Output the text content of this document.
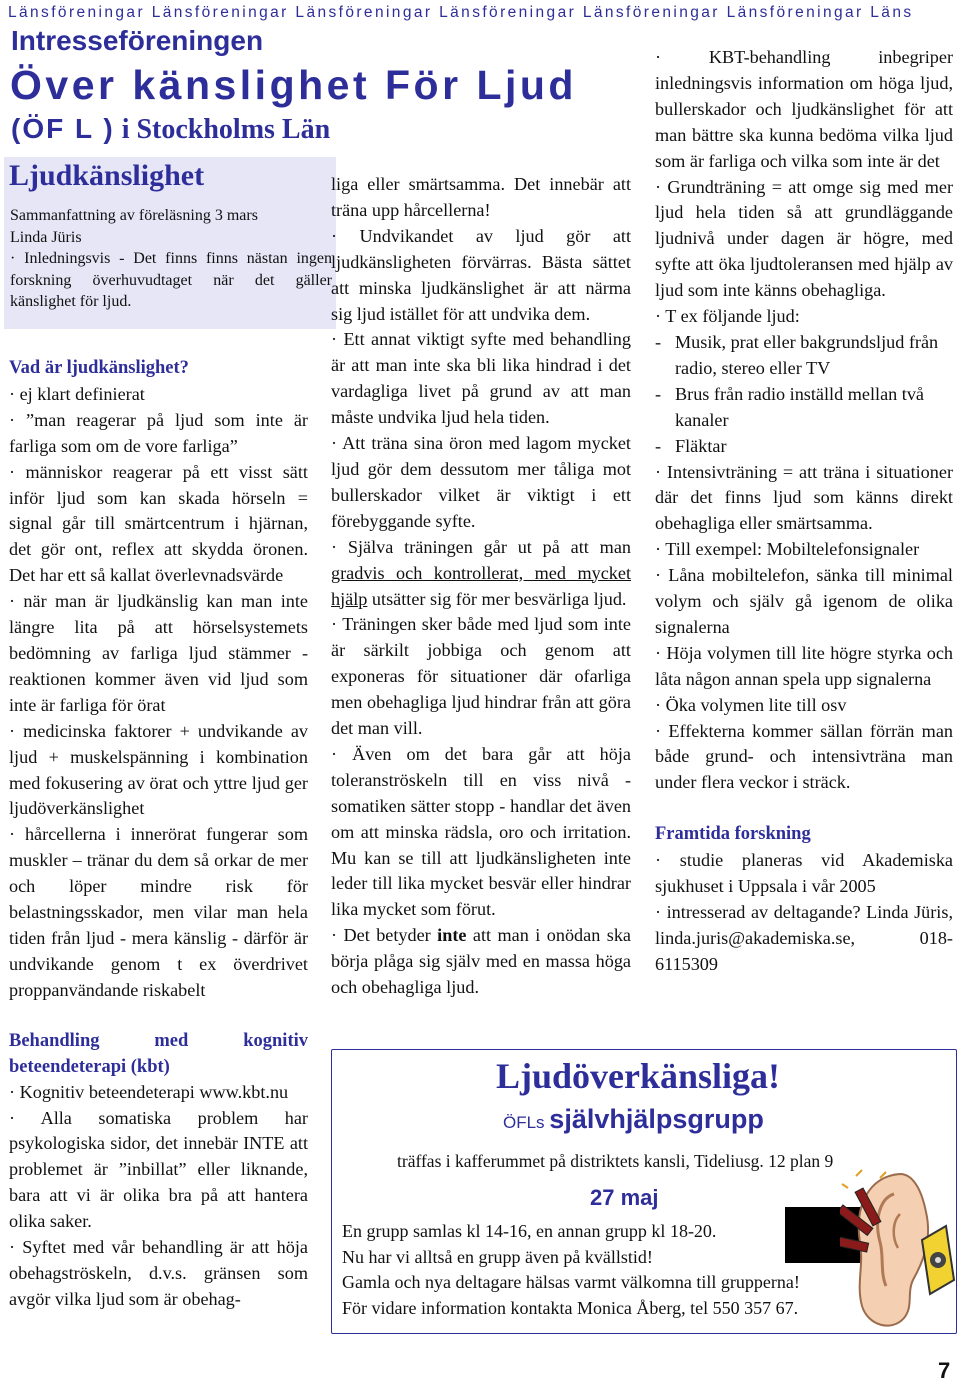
Länsföreningar Länsföreningar Länsföreningar Länsföreningar Länsföreningar Länsföreningar Läns
Intresseföreningen
Över känslighet För Ljud
(ÖF L ) i Stockholms Län
Ljudkänslighet
Sammanfattning av föreläsning 3 mars
Linda Jüris
· Inledningsvis - Det finns finns nästan ingen forskning överhuvudtaget när det gäller känslighet för ljud.

Vad är ljudkänslighet?

· ej klart definierat

· ”man reagerar på ljud som inte är farliga som om de vore farliga”

· människor reagerar på ett visst sätt inför ljud som kan skada hörseln = signal går till smärtcentrum i hjärnan, det gör ont, reflex att skydda öronen. Det har ett så kallat överlevnadsvärde

· när man är ljudkänslig kan man inte längre lita på att hörselsystemets bedömning av farliga ljud stämmer - reaktionen kommer även vid ljud som inte är farliga för örat

· medicinska faktorer + undvikande av ljud + muskelspänning i kombination med fokusering av örat och yttre ljud ger ljudöverkänslighet

· hårcellerna i innerörat fungerar som muskler – tränar du dem så orkar de mer och löper mindre risk för belastningsskador, men vilar man hela tiden från ljud - mera känslig - därför är undvikande genom t ex överdrivet proppanvändande riskabelt

Behandling med kognitiv beteendeterapi (kbt)

· Kognitiv beteendeterapi www.kbt.nu

· Alla somatiska problem har psykologiska sidor, det innebär INTE att problemet är ”inbillat” eller liknande, bara att vi är olika bra på att hantera olika saker.

· Syftet med vår behandling är att höja obehagströskeln, d.v.s. gränsen som avgör vilka ljud som är obehag-

liga eller smärtsamma. Det innebär att träna upp hårcellerna!

· Undvikandet av ljud gör att ljudkänsligheten förvärras. Bästa sättet att minska ljudkänslighet är att närma sig ljud istället för att undvika dem.

· Ett annat viktigt syfte med behandling är att man inte ska bli lika hindrad i det vardagliga livet på grund av att man måste undvika ljud hela tiden.

· Att träna sina öron med lagom mycket ljud gör dem dessutom mer tåliga mot bullerskador vilket är viktigt i ett förebyggande syfte.

· Själva träningen går ut på att man gradvis och kontrollerat, med mycket hjälp utsätter sig för mer besvärliga ljud.

· Träningen sker både med ljud som inte är särkilt jobbiga och genom att exponeras för situationer där ofarliga men obehagliga ljud hindrar från att göra det man vill.

· Även om det bara går att höja toleranströskeln till en viss nivå - somatiken sätter stopp - handlar det även om att minska rädsla, oro och irritation. Mu kan se till att ljudkänsligheten inte leder till lika mycket besvär eller hindrar lika mycket som förut.

· Det betyder inte att man i onödan ska börja plåga sig själv med en massa höga och obehagliga ljud.

· KBT-behandling inbegriper inledningsvis information om höga ljud, bullerskador och ljudkänslighet för att man bättre ska kunna bedöma vilka ljud som är farliga och vilka som inte är det

· Grundträning = att omge sig med mer ljud hela tiden så att grundläggande ljudnivå under dagen är högre, med syfte att öka ljudtoleransen med hjälp av ljud som inte känns obehagliga.

· T ex följande ljud:

- Musik, prat eller bakgrundsljud från radio, stereo eller TV
- Brus från radio inställd mellan två kanaler
- Fläktar

· Intensivträning = att träna i situationer där det finns ljud som känns direkt obehagliga eller smärtsamma.

· Till exempel: Mobiltelefonsignaler

· Låna mobiltelefon, sänka till minimal volym och själv gå igenom de olika signalerna

· Höja volymen till lite högre styrka och låta någon annan spela upp signalerna

· Öka volymen lite till osv

· Effekterna kommer sällan förrän man både grund- och intensivträna man under flera veckor i sträck.

Framtida forskning

· studie planeras vid Akademiska sjukhuset i Uppsala i vår 2005

· intresserad av deltagande? Linda Jüris, linda.juris@akademiska.se, 018-6115309

Ljudöverkänsliga!
ÖFLs självhjälpsgrupp
träffas i kafferummet på distriktets kansli, Tideliusg. 12 plan 9
27 maj
En grupp samlas kl 14-16, en annan grupp kl 18-20.
Nu har vi alltså en grupp även på kvällstid!
Gamla och nya deltagare hälsas varmt välkomna till grupperna!
För vidare information kontakta Monica Åberg, tel 550 357 67.
7
